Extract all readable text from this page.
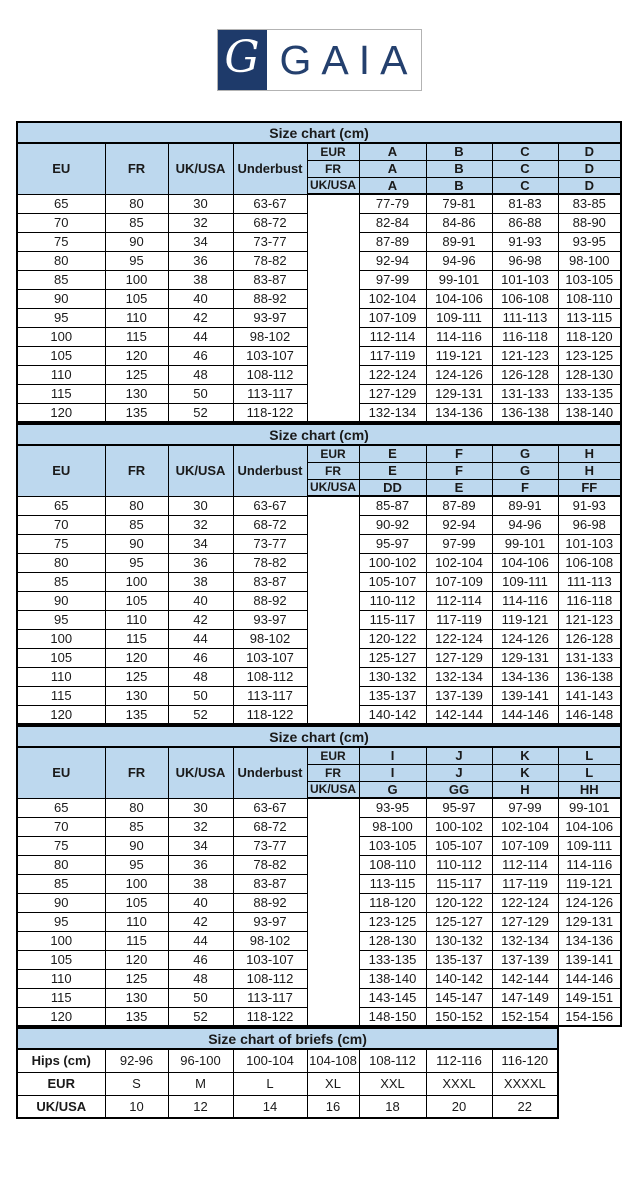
G GAIA
Size chart (cm)								
EU	FR	UK/USA	Underbust	EUR	A	B	C	D
				FR	A	B	C	D
				UK/USA	A	B	C	D
65	80	30	63-67		77-79	79-81	81-83	83-85
70	85	32	68-72		82-84	84-86	86-88	88-90
75	90	34	73-77		87-89	89-91	91-93	93-95
80	95	36	78-82		92-94	94-96	96-98	98-100
85	100	38	83-87		97-99	99-101	101-103	103-105
90	105	40	88-92		102-104	104-106	106-108	108-110
95	110	42	93-97		107-109	109-111	111-113	113-115
100	115	44	98-102		112-114	114-116	116-118	118-120
105	120	46	103-107		117-119	119-121	121-123	123-125
110	125	48	108-112		122-124	124-126	126-128	128-130
115	130	50	113-117		127-129	129-131	131-133	133-135
120	135	52	118-122		132-134	134-136	136-138	138-140
Size chart (cm)								
EU	FR	UK/USA	Underbust	EUR	E	F	G	H
				FR	E	F	G	H
				UK/USA	DD	E	F	FF
65	80	30	63-67		85-87	87-89	89-91	91-93
70	85	32	68-72		90-92	92-94	94-96	96-98
75	90	34	73-77		95-97	97-99	99-101	101-103
80	95	36	78-82		100-102	102-104	104-106	106-108
85	100	38	83-87		105-107	107-109	109-111	111-113
90	105	40	88-92		110-112	112-114	114-116	116-118
95	110	42	93-97		115-117	117-119	119-121	121-123
100	115	44	98-102		120-122	122-124	124-126	126-128
105	120	46	103-107		125-127	127-129	129-131	131-133
110	125	48	108-112		130-132	132-134	134-136	136-138
115	130	50	113-117		135-137	137-139	139-141	141-143
120	135	52	118-122		140-142	142-144	144-146	146-148
Size chart (cm)								
EU	FR	UK/USA	Underbust	EUR	I	J	K	L
				FR	I	J	K	L
				UK/USA	G	GG	H	HH
65	80	30	63-67		93-95	95-97	97-99	99-101
70	85	32	68-72		98-100	100-102	102-104	104-106
75	90	34	73-77		103-105	105-107	107-109	109-111
80	95	36	78-82		108-110	110-112	112-114	114-116
85	100	38	83-87		113-115	115-117	117-119	119-121
90	105	40	88-92		118-120	120-122	122-124	124-126
95	110	42	93-97		123-125	125-127	127-129	129-131
100	115	44	98-102		128-130	130-132	132-134	134-136
105	120	46	103-107		133-135	135-137	137-139	139-141
110	125	48	108-112		138-140	140-142	142-144	144-146
115	130	50	113-117		143-145	145-147	147-149	149-151
120	135	52	118-122		148-150	150-152	152-154	154-156
Size chart of briefs (cm)							
Hips (cm)	92-96	96-100	100-104	104-108	108-112	112-116	116-120
EUR	S	M	L	XL	XXL	XXXL	XXXXL
UK/USA	10	12	14	16	18	20	22
